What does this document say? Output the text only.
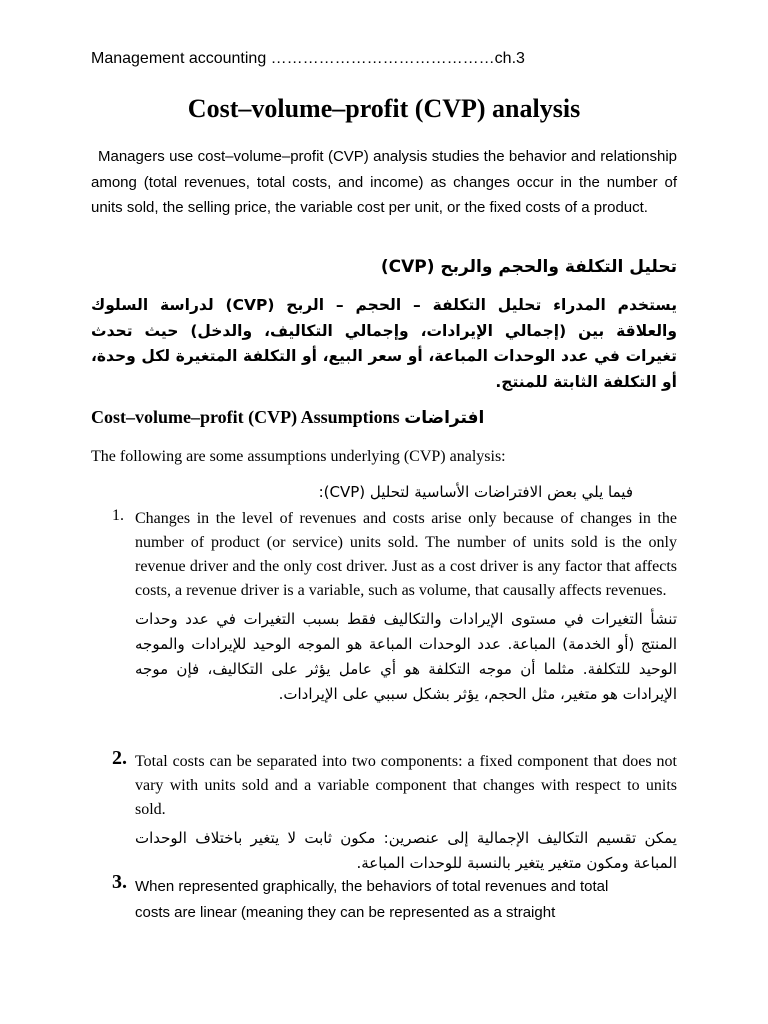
Management accounting ……………………………………ch.3
Cost–volume–profit (CVP) analysis

Managers use cost–volume–profit (CVP) analysis studies the behavior and relationship among (total revenues, total costs, and income) as changes occur in the number of units sold, the selling price, the variable cost per unit, or the fixed costs of a product.

تحليل التكلفة والحجم والربح (CVP)

يستخدم المدراء تحليل التكلفة – الحجم – الربح (CVP) لدراسة السلوك والعلاقة بين (إجمالي الإيرادات، وإجمالي التكاليف، والدخل) حيث تحدث تغيرات في عدد الوحدات المباعة، أو سعر البيع، أو التكلفة المتغيرة لكل وحدة، أو التكلفة الثابتة للمنتج.

Cost–volume–profit (CVP) Assumptions افتراضات
The following are some assumptions underlying (CVP) analysis:

فيما يلي بعض الافتراضات الأساسية لتحليل (CVP):

1. Changes in the level of revenues and costs arise only because of changes in the number of product (or service) units sold. The number of units sold is the only revenue driver and the only cost driver. Just as a cost driver is any factor that affects costs, a revenue driver is a variable, such as volume, that causally affects revenues.

تنشأ التغيرات في مستوى الإيرادات والتكاليف فقط بسبب التغيرات في عدد وحدات المنتج (أو الخدمة) المباعة. عدد الوحدات المباعة هو الموجه الوحيد للإيرادات والموجه الوحيد للتكلفة. مثلما أن موجه التكلفة هو أي عامل يؤثر على التكاليف، فإن موجه الإيرادات هو متغير، مثل الحجم، يؤثر بشكل سببي على الإيرادات.

2. Total costs can be separated into two components: a fixed component that does not vary with units sold and a variable component that changes with respect to units sold.

يمكن تقسيم التكاليف الإجمالية إلى عنصرين: مكون ثابت لا يتغير باختلاف الوحدات المباعة ومكون متغير يتغير بالنسبة للوحدات المباعة.

3. When represented graphically, the behaviors of total revenues and total costs are linear (meaning they can be represented as a straight
